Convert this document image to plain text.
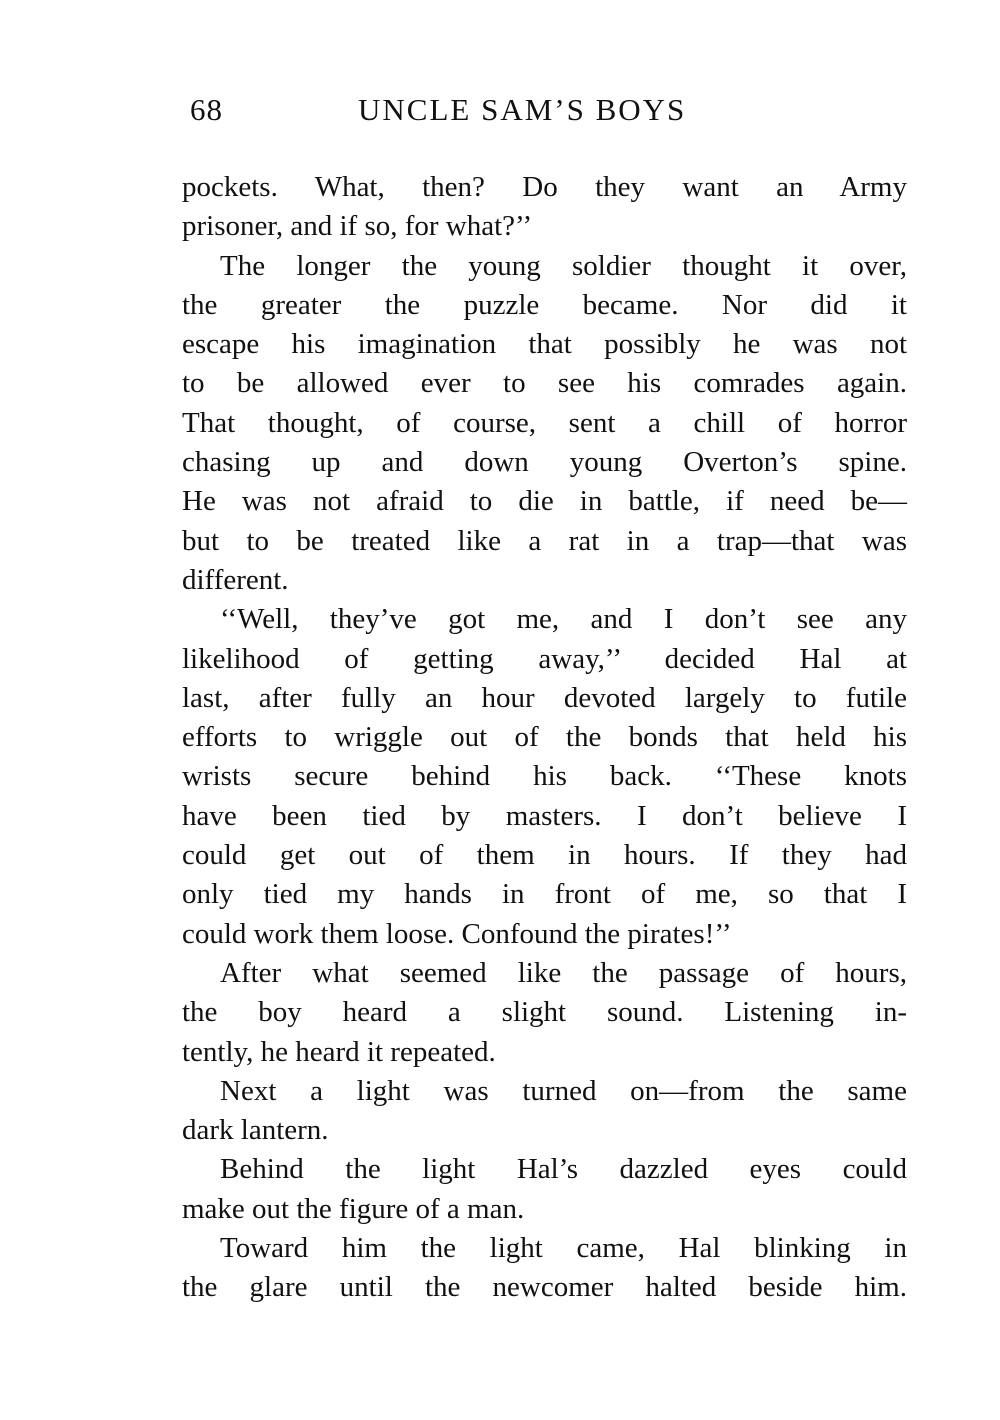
68	UNCLE SAM’S BOYS
pockets. What, then? Do they want an Army
prisoner, and if so, for what?’’
The longer the young soldier thought it over,
the greater the puzzle became. Nor did it
escape his imagination that possibly he was not
to be allowed ever to see his comrades again.
That thought, of course, sent a chill of horror
chasing up and down young Overton’s spine.
He was not afraid to die in battle, if need be—
but to be treated like a rat in a trap—that was
different.
‘‘Well, they’ve got me, and I don’t see any
likelihood of getting away,’’ decided Hal at
last, after fully an hour devoted largely to futile
efforts to wriggle out of the bonds that held his
wrists secure behind his back. ‘‘These knots
have been tied by masters. I don’t believe I
could get out of them in hours. If they had
only tied my hands in front of me, so that I
could work them loose. Confound the pirates!’’
After what seemed like the passage of hours,
the boy heard a slight sound. Listening in-
tently, he heard it repeated.
Next a light was turned on—from the same
dark lantern.
Behind the light Hal’s dazzled eyes could
make out the figure of a man.
Toward him the light came, Hal blinking in
the glare until the newcomer halted beside him.
